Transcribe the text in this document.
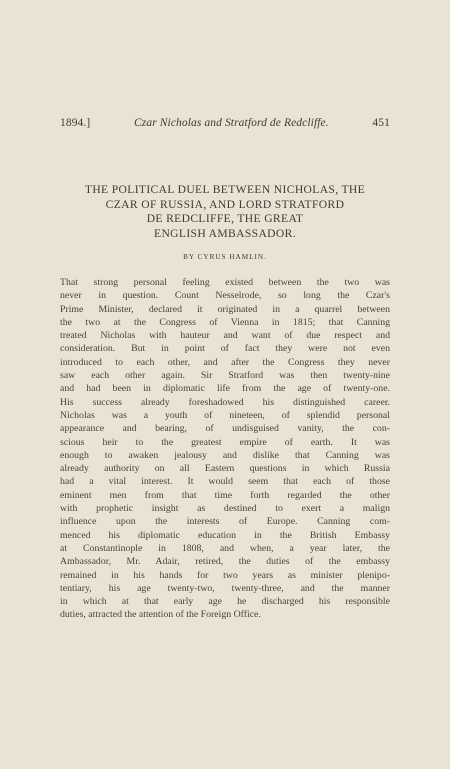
1894.]	Czar Nicholas and Stratford de Redcliffe.	451
THE POLITICAL DUEL BETWEEN NICHOLAS, THE
CZAR OF RUSSIA, AND LORD STRATFORD
DE REDCLIFFE, THE GREAT
ENGLISH AMBASSADOR.
BY CYRUS HAMLIN.
That strong personal feeling existed between the two was
never in question. Count Nesselrode, so long the Czar's
Prime Minister, declared it originated in a quarrel between
the two at the Congress of Vienna in 1815; that Canning
treated Nicholas with hauteur and want of due respect and
consideration. But in point of fact they were not even
introduced to each other, and after the Congress they never
saw each other again. Sir Stratford was then twenty-nine
and had been in diplomatic life from the age of twenty-one.
His success already foreshadowed his distinguished career.
Nicholas was a youth of nineteen, of splendid personal
appearance and bearing, of undisguised vanity, the con-
scious heir to the greatest empire of earth. It was
enough to awaken jealousy and dislike that Canning was
already authority on all Eastern questions in which Russia
had a vital interest. It would seem that each of those
eminent men from that time forth regarded the other
with prophetic insight as destined to exert a malign
influence upon the interests of Europe. Canning com-
menced his diplomatic education in the British Embassy
at Constantinople in 1808, and when, a year later, the
Ambassador, Mr. Adair, retired, the duties of the embassy
remained in his hands for two years as minister plenipo-
tentiary, his age twenty-two, twenty-three, and the manner
in which at that early age he discharged his responsible
duties, attracted the attention of the Foreign Office.
